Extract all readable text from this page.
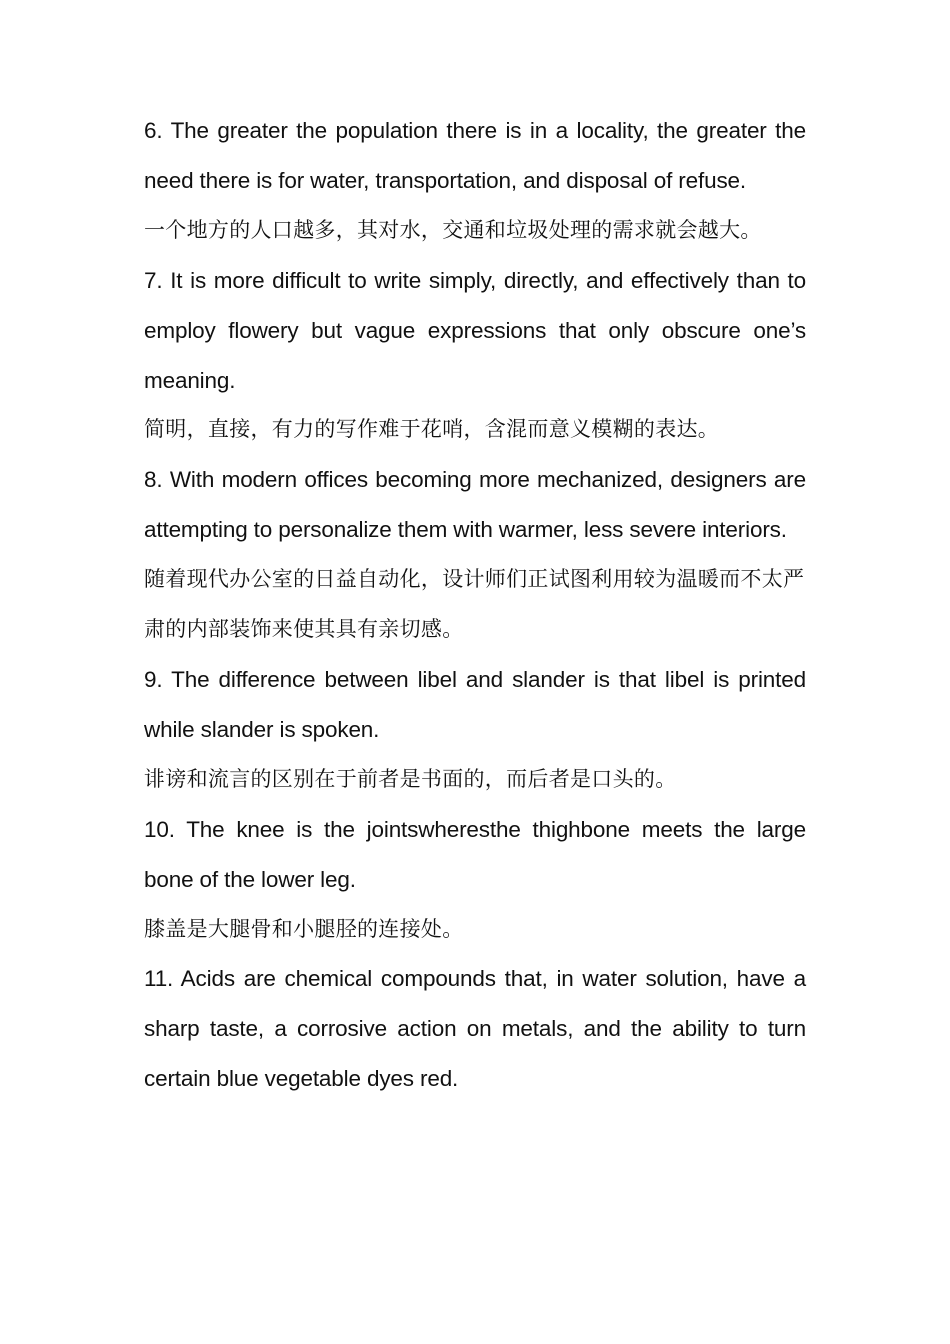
6. The greater the population there is in a locality, the greater the need there is for water, transportation, and disposal of refuse.

一个地方的人口越多，其对水，交通和垃圾处理的需求就会越大。

7. It is more difficult to write simply, directly, and effectively than to employ flowery but vague expressions that only obscure one’s meaning.

简明，直接，有力的写作难于花哨，含混而意义模糊的表达。

8. With modern offices becoming more mechanized, designers are attempting to personalize them with warmer, less severe interiors.

随着现代办公室的日益自动化，设计师们正试图利用较为温暖而不太严肃的内部装饰来使其具有亲切感。

9. The difference between libel and slander is that libel is printed while slander is spoken.

诽谤和流言的区别在于前者是书面的，而后者是口头的。

10. The knee is the jointswheresthe thighbone meets the large bone of the lower leg.

膝盖是大腿骨和小腿胫的连接处。

11. Acids are chemical compounds that, in water solution, have a sharp taste, a corrosive action on metals, and the ability to turn certain blue vegetable dyes red.
